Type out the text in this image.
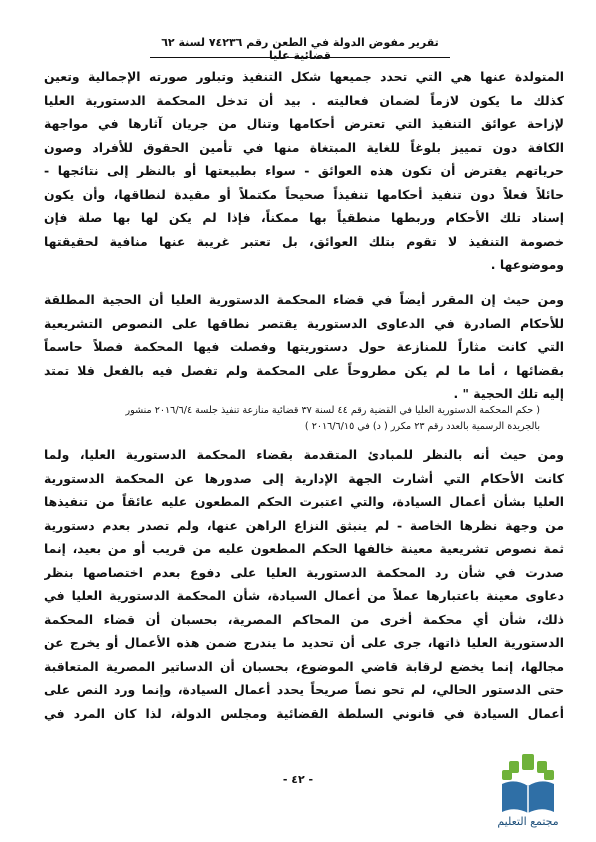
تقرير مفوض الدولة في الطعن رقم ٧٤٢٣٦ لسنة ٦٢ قضائية عليا
المتولدة عنها هي التي تحدد جميعها شكل التنفيذ وتبلور صورته الإجمالية وتعين
كذلك ما يكون لازماً لضمان فعاليته . بيد أن تدخل المحكمة الدستورية العليا
لإزاحة عوائق التنفيذ التي تعترض أحكامها وتنال من جريان آثارها في مواجهة
الكافة دون تمييز بلوغاً للغاية المبتغاة منها في تأمين الحقوق للأفراد وصون
حرياتهم يفترض أن تكون هذه العوائق - سواء بطبيعتها أو بالنظر إلى نتائجها -
حائلاً فعلاً دون تنفيذ أحكامها تنفيذاً صحيحاً مكتملاً أو مقيدة لنطاقها، وأن يكون
إسناد تلك الأحكام وربطها منطقياً بها ممكناً، فإذا لم يكن لها بها صلة فإن
خصومة التنفيذ لا تقوم بتلك العوائق، بل تعتبر غريبة عنها منافية لحقيقتها
وموضوعها .
ومن حيث إن المقرر أيضاً في قضاء المحكمة الدستورية العليا أن الحجية المطلقة
للأحكام الصادرة في الدعاوى الدستورية يقتصر نطاقها على النصوص التشريعية
التي كانت مثاراً للمنازعة حول دستوريتها وفصلت فيها المحكمة فصلاً حاسماً
بقضائها ، أما ما لم يكن مطروحاً على المحكمة ولم تفصل فيه بالفعل فلا تمتد
إليه تلك الحجية " .
( حكم المحكمة الدستورية العليا في القضية رقم ٤٤ لسنة ٣٧ قضائية منازعة تنفيذ جلسة ٢٠١٦/٦/٤ منشور
بالجريدة الرسمية بالعدد رقم ٢٣ مكرر ( د) في ٢٠١٦/٦/١٥ )
ومن حيث أنه بالنظر للمبادئ المتقدمة بقضاء المحكمة الدستورية العليا، ولما
كانت الأحكام التي أشارت الجهة الإدارية إلى صدورها عن المحكمة الدستورية
العليا بشأن أعمال السيادة، والتي اعتبرت الحكم المطعون عليه عائقاً من تنفيذها
من وجهة نظرها الخاصة - لم ينبثق النزاع الراهن عنها، ولم تصدر بعدم دستورية
ثمة نصوص تشريعية معينة خالفها الحكم المطعون عليه من قريب أو من بعيد، إنما
صدرت في شأن رد المحكمة الدستورية العليا على دفوع بعدم اختصاصها بنظر
دعاوى معينة باعتبارها عملاً من أعمال السيادة، شأن المحكمة الدستورية العليا في
ذلك، شأن أي محكمة أخرى من المحاكم المصرية، بحسبان أن قضاء المحكمة
الدستورية العليا ذاتها، جرى على أن تحديد ما يندرج ضمن هذه الأعمال أو يخرج عن
مجالها، إنما يخضع لرقابة قاضي الموضوع، بحسبان أن الدساتير المصرية المتعاقبة
حتى الدستور الحالي، لم تحو نصاً صريحاً يحدد أعمال السيادة، وإنما ورد النص على
أعمال السيادة في قانوني السلطة القضائية ومجلس الدولة، لذا كان المرد في
- ٤٢ -
مجتمع التعليم
